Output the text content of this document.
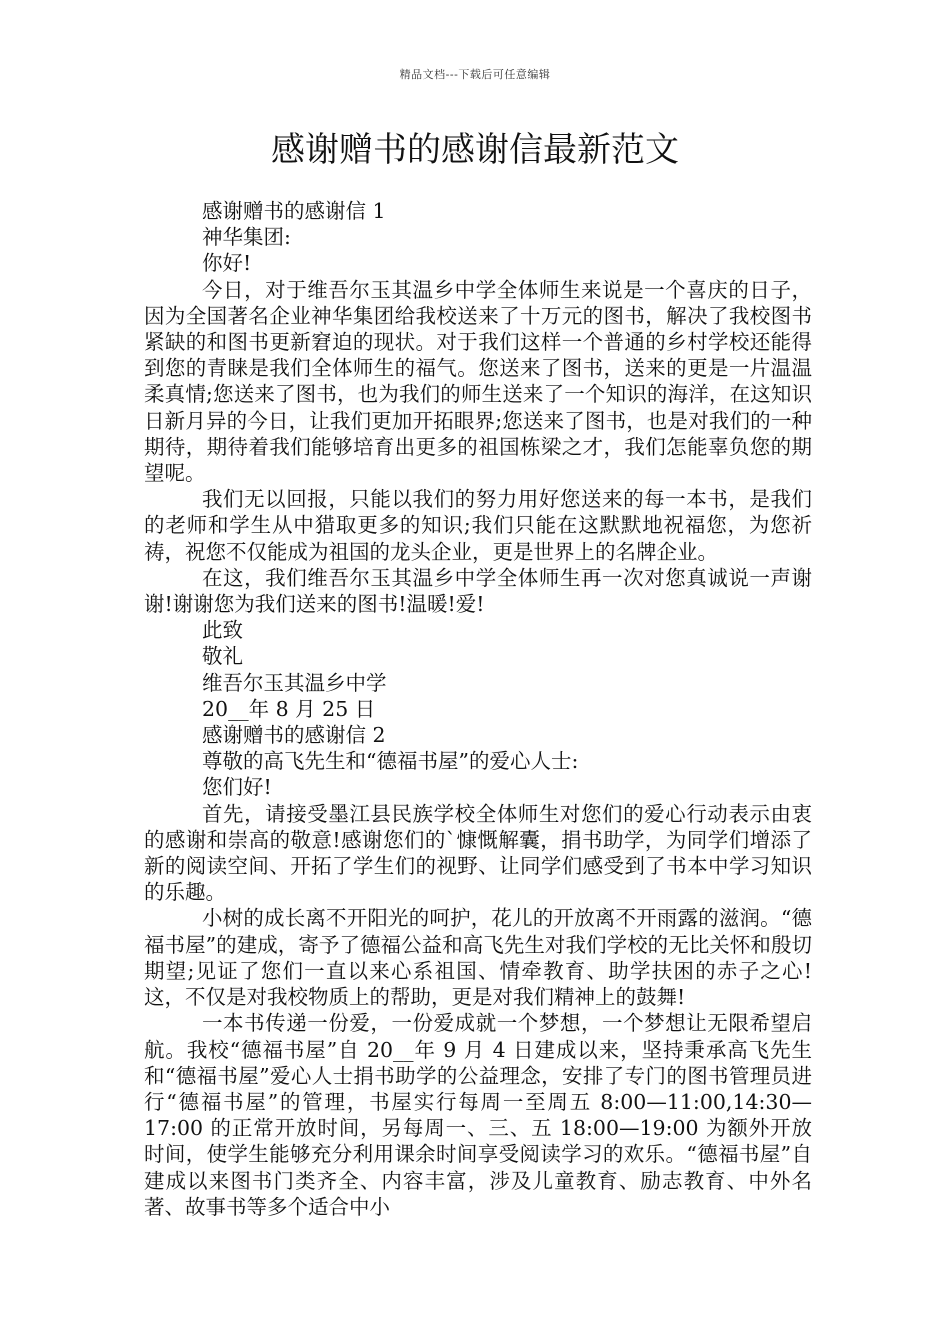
精品文档---下载后可任意编辑
感谢赠书的感谢信最新范文

感谢赠书的感谢信 1

神华集团:

你好!

今日，对于维吾尔玉其温乡中学全体师生来说是一个喜庆的日子，因为全国著名企业神华集团给我校送来了十万元的图书，解决了我校图书紧缺的和图书更新窘迫的现状。对于我们这样一个普通的乡村学校还能得到您的青睐是我们全体师生的福气。您送来了图书，送来的更是一片温温柔真情;您送来了图书，也为我们的师生送来了一个知识的海洋，在这知识日新月异的今日，让我们更加开拓眼界;您送来了图书，也是对我们的一种期待，期待着我们能够培育出更多的祖国栋梁之才，我们怎能辜负您的期望呢。

我们无以回报，只能以我们的努力用好您送来的每一本书，是我们的老师和学生从中猎取更多的知识;我们只能在这默默地祝福您，为您祈祷，祝您不仅能成为祖国的龙头企业，更是世界上的名牌企业。

在这，我们维吾尔玉其温乡中学全体师生再一次对您真诚说一声谢谢!谢谢您为我们送来的图书!温暖!爱!

此致

敬礼

维吾尔玉其温乡中学

20__年 8 月 25 日

感谢赠书的感谢信 2

尊敬的高飞先生和“德福书屋”的爱心人士:

您们好!

首先，请接受墨江县民族学校全体师生对您们的爱心行动表示由衷的感谢和崇高的敬意!感谢您们的`慷慨解囊，捐书助学，为同学们增添了新的阅读空间、开拓了学生们的视野、让同学们感受到了书本中学习知识的乐趣。

小树的成长离不开阳光的呵护，花儿的开放离不开雨露的滋润。“德福书屋”的建成，寄予了德福公益和高飞先生对我们学校的无比关怀和殷切期望;见证了您们一直以来心系祖国、情牵教育、助学扶困的赤子之心!这，不仅是对我校物质上的帮助，更是对我们精神上的鼓舞!

一本书传递一份爱，一份爱成就一个梦想，一个梦想让无限希望启航。我校“德福书屋”自 20__年 9 月 4 日建成以来，坚持秉承高飞先生和“德福书屋”爱心人士捐书助学的公益理念，安排了专门的图书管理员进行“德福书屋”的管理，书屋实行每周一至周五 8:00—11:00,14:30—17:00 的正常开放时间，另每周一、三、五 18:00—19:00 为额外开放时间，使学生能够充分利用课余时间享受阅读学习的欢乐。“德福书屋”自建成以来图书门类齐全、内容丰富，涉及儿童教育、励志教育、中外名著、故事书等多个适合中小
